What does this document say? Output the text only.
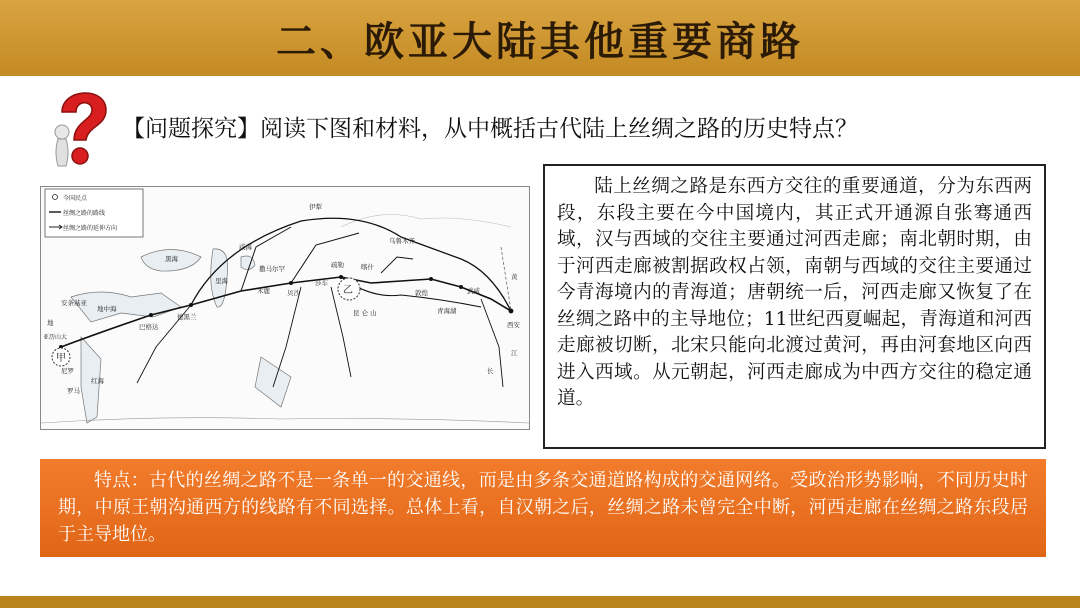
二、欧亚大陆其他重要商路
【问题探究】阅读下图和材料，从中概括古代陆上丝绸之路的历史特点？
今国民点
丝绸之路的路线
丝绸之路的延伸方向
甲
乙	敦煌
青海湖
武威
西安
疏勒
莎车
昆 仑 山
黄
长
江
撒马尔罕
安条基亚
巴格达
德黑兰
木鹿	贝沙
黑海
里海
咸海
地中海
红海
亚历山大
罗马
尼罗
乌鲁木齐
喀什
伊犁
地
陆上丝绸之路是东西方交往的重要通道，分为东西两段，东段主要在今中国境内，其正式开通源自张骞通西域，汉与西域的交往主要通过河西走廊；南北朝时期，由于河西走廊被割据政权占领，南朝与西域的交往主要通过今青海境内的青海道；唐朝统一后，河西走廊又恢复了在丝绸之路中的主导地位；11世纪西夏崛起，青海道和河西走廊被切断，北宋只能向北渡过黄河，再由河套地区向西进入西域。从元朝起，河西走廊成为中西方交往的稳定通道。
特点：古代的丝绸之路不是一条单一的交通线，而是由多条交通道路构成的交通网络。受政治形势影响，不同历史时期，中原王朝沟通西方的线路有不同选择。总体上看，自汉朝之后，丝绸之路未曾完全中断，河西走廊在丝绸之路东段居于主导地位。
